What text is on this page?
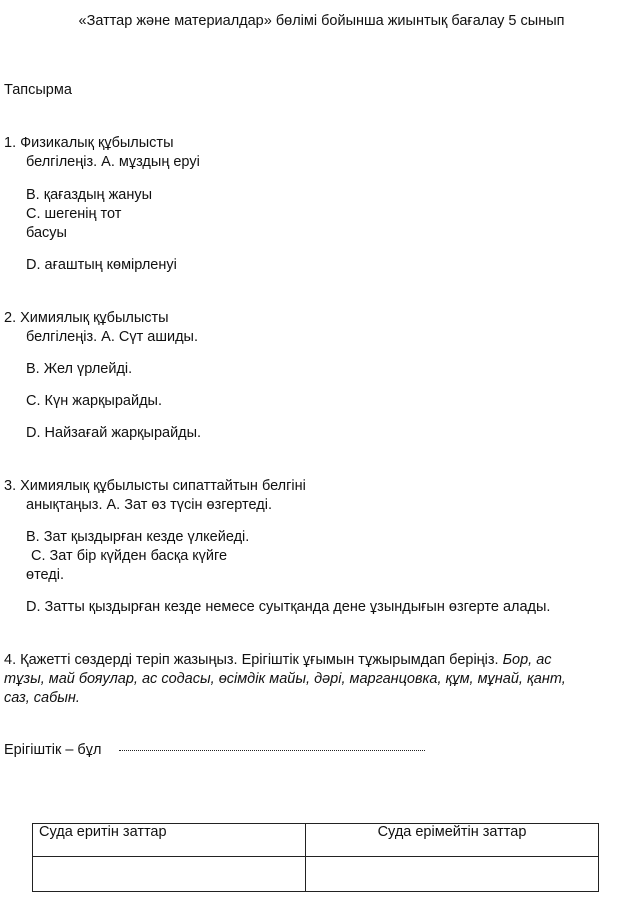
«Заттар және материалдар» бөлімі бойынша жиынтық бағалау 5 сынып
Тапсырма
1. Физикалық құбылысты
белгілеңіз. А. мұздың еруі
В. қағаздың жануы
С. шегенің тот
басуы
D. ағаштың көмірленуі
2. Химиялық құбылысты
белгілеңіз. А. Сүт ашиды.
В. Жел үрлейді.
С. Күн жарқырайды.
D. Найзағай жарқырайды.
3. Химиялық құбылысты сипаттайтын белгіні
анықтаңыз. А. Зат өз түсін өзгертеді.
В. Зат қыздырған кезде үлкейеді.
С. Зат бір күйден басқа күйге
өтеді.
D. Затты қыздырған кезде немесе суытқанда дене ұзындығын өзгерте алады.
4. Қажетті сөздерді теріп жазыңыз. Ерігіштік ұғымын тұжырымдап беріңіз. Бор, ас
тұзы, май бояулар, ас содасы, өсімдік майы, дәрі, марганцовка, құм, мұнай, қант,
саз, сабын.
Ерігіштік – бұл
Суда еритін заттар	Суда ерімейтін заттар
